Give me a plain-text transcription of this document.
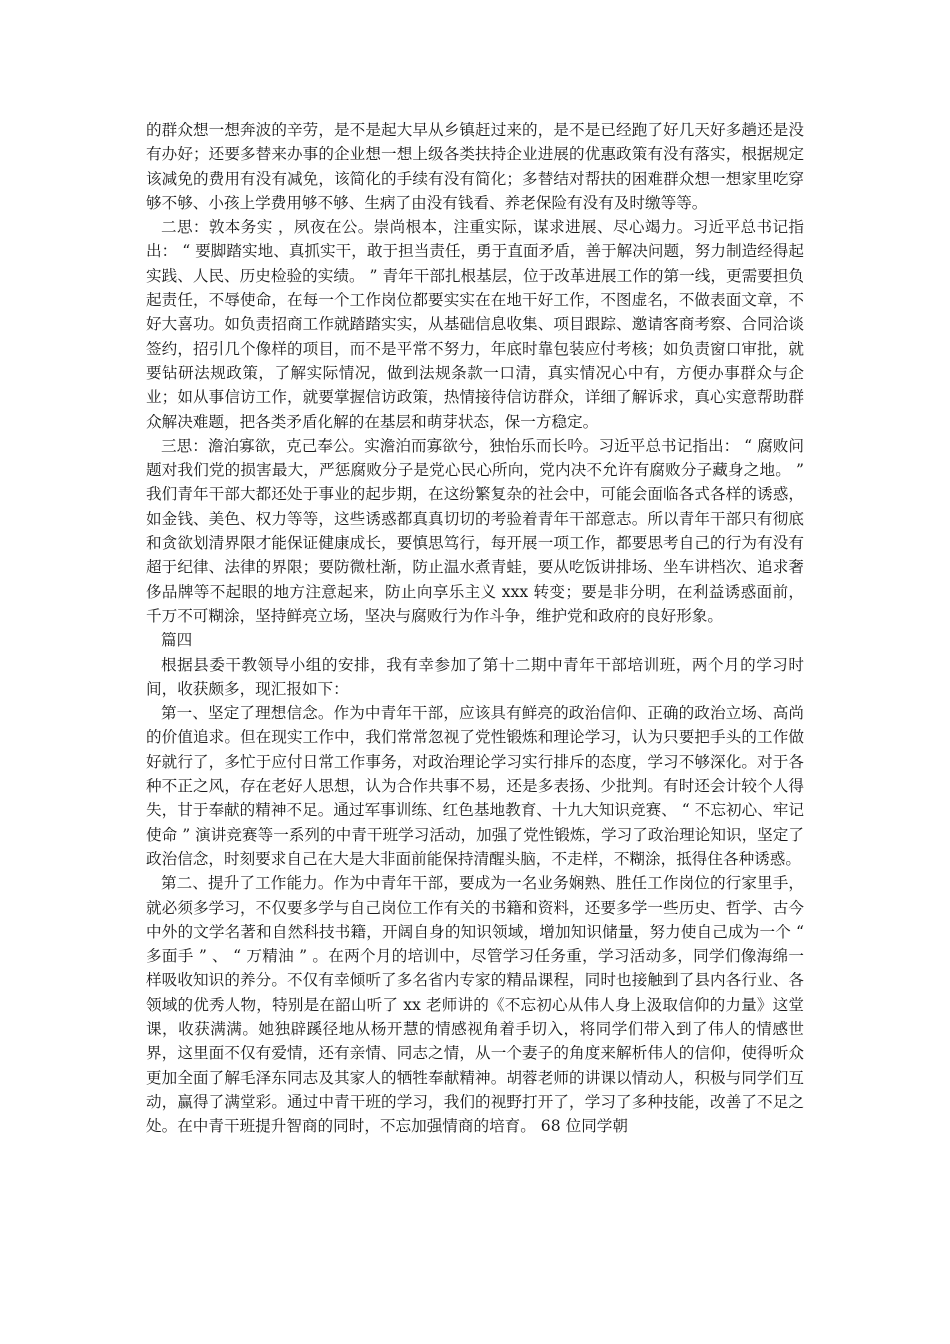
的群众想一想奔波的辛劳，是不是起大早从乡镇赶过来的，是不是已经跑了好几天好多趟还是没有办好；还要多替来办事的企业想一想上级各类扶持企业进展的优惠政策有没有落实，根据规定该减免的费用有没有减免，该简化的手续有没有简化；多替结对帮扶的困难群众想一想家里吃穿够不够、小孩上学费用够不够、生病了由没有钱看、养老保险有没有及时缴等等。

二思：敦本务实 ，夙夜在公。崇尚根本，注重实际，谋求进展、尽心竭力。习近平总书记指出： “ 要脚踏实地、真抓实干，敢于担当责任，勇于直面矛盾，善于解决问题，努力制造经得起实践、人民、历史检验的实绩。 ” 青年干部扎根基层，位于改革进展工作的第一线，更需要担负起责任，不辱使命，在每一个工作岗位都要实实在在地干好工作，不图虚名，不做表面文章，不好大喜功。如负责招商工作就踏踏实实，从基础信息收集、项目跟踪、邀请客商考察、合同洽谈签约，招引几个像样的项目，而不是平常不努力，年底时靠包装应付考核；如负责窗口审批，就要钻研法规政策，了解实际情况，做到法规条款一口清，真实情况心中有，方便办事群众与企业；如从事信访工作，就要掌握信访政策，热情接待信访群众，详细了解诉求，真心实意帮助群众解决难题，把各类矛盾化解的在基层和萌芽状态，保一方稳定。

三思：澹泊寡欲，克己奉公。实澹泊而寡欲兮，独怡乐而长吟。习近平总书记指出： “ 腐败问题对我们党的损害最大，严惩腐败分子是党心民心所向，党内决不允许有腐败分子藏身之地。 ” 我们青年干部大都还处于事业的起步期，在这纷繁复杂的社会中，可能会面临各式各样的诱惑，如金钱、美色、权力等等，这些诱惑都真真切切的考验着青年干部意志。所以青年干部只有彻底和贪欲划清界限才能保证健康成长，要慎思笃行，每开展一项工作，都要思考自己的行为有没有超于纪律、法律的界限；要防微杜渐，防止温水煮青蛙，要从吃饭讲排场、坐车讲档次、追求奢侈品牌等不起眼的地方注意起来，防止向享乐主义 xxx 转变；要是非分明，在利益诱惑面前，千万不可糊涂，坚持鲜亮立场，坚决与腐败行为作斗争，维护党和政府的良好形象。

篇四

根据县委干教领导小组的安排，我有幸参加了第十二期中青年干部培训班，两个月的学习时间，收获颇多，现汇报如下：

第一、坚定了理想信念。作为中青年干部，应该具有鲜亮的政治信仰、正确的政治立场、高尚的价值追求。但在现实工作中，我们常常忽视了党性锻炼和理论学习，认为只要把手头的工作做好就行了，多忙于应付日常工作事务，对政治理论学习实行排斥的态度，学习不够深化。对于各种不正之风，存在老好人思想，认为合作共事不易，还是多表扬、少批判。有时还会计较个人得失，甘于奉献的精神不足。通过军事训练、红色基地教育、十九大知识竞赛、 “ 不忘初心、牢记使命 ” 演讲竞赛等一系列的中青干班学习活动，加强了党性锻炼，学习了政治理论知识，坚定了政治信念，时刻要求自己在大是大非面前能保持清醒头脑，不走样，不糊涂，抵得住各种诱惑。

第二、提升了工作能力。作为中青年干部，要成为一名业务娴熟、胜任工作岗位的行家里手，就必须多学习，不仅要多学与自己岗位工作有关的书籍和资料，还要多学一些历史、哲学、古今中外的文学名著和自然科技书籍，开阔自身的知识领域，增加知识储量，努力使自己成为一个 “ 多面手 ” 、 “ 万精油 ” 。在两个月的培训中，尽管学习任务重，学习活动多，同学们像海绵一样吸收知识的养分。不仅有幸倾听了多名省内专家的精品课程，同时也接触到了县内各行业、各领域的优秀人物，特别是在韶山听了 xx 老师讲的《不忘初心从伟人身上汲取信仰的力量》这堂课，收获满满。她独辟蹊径地从杨开慧的情感视角着手切入，将同学们带入到了伟人的情感世界，这里面不仅有爱情，还有亲情、同志之情，从一个妻子的角度来解析伟人的信仰，使得听众更加全面了解毛泽东同志及其家人的牺牲奉献精神。胡蓉老师的讲课以情动人，积极与同学们互动，赢得了满堂彩。通过中青干班的学习，我们的视野打开了，学习了多种技能，改善了不足之处。在中青干班提升智商的同时，不忘加强情商的培育。 68 位同学朝
